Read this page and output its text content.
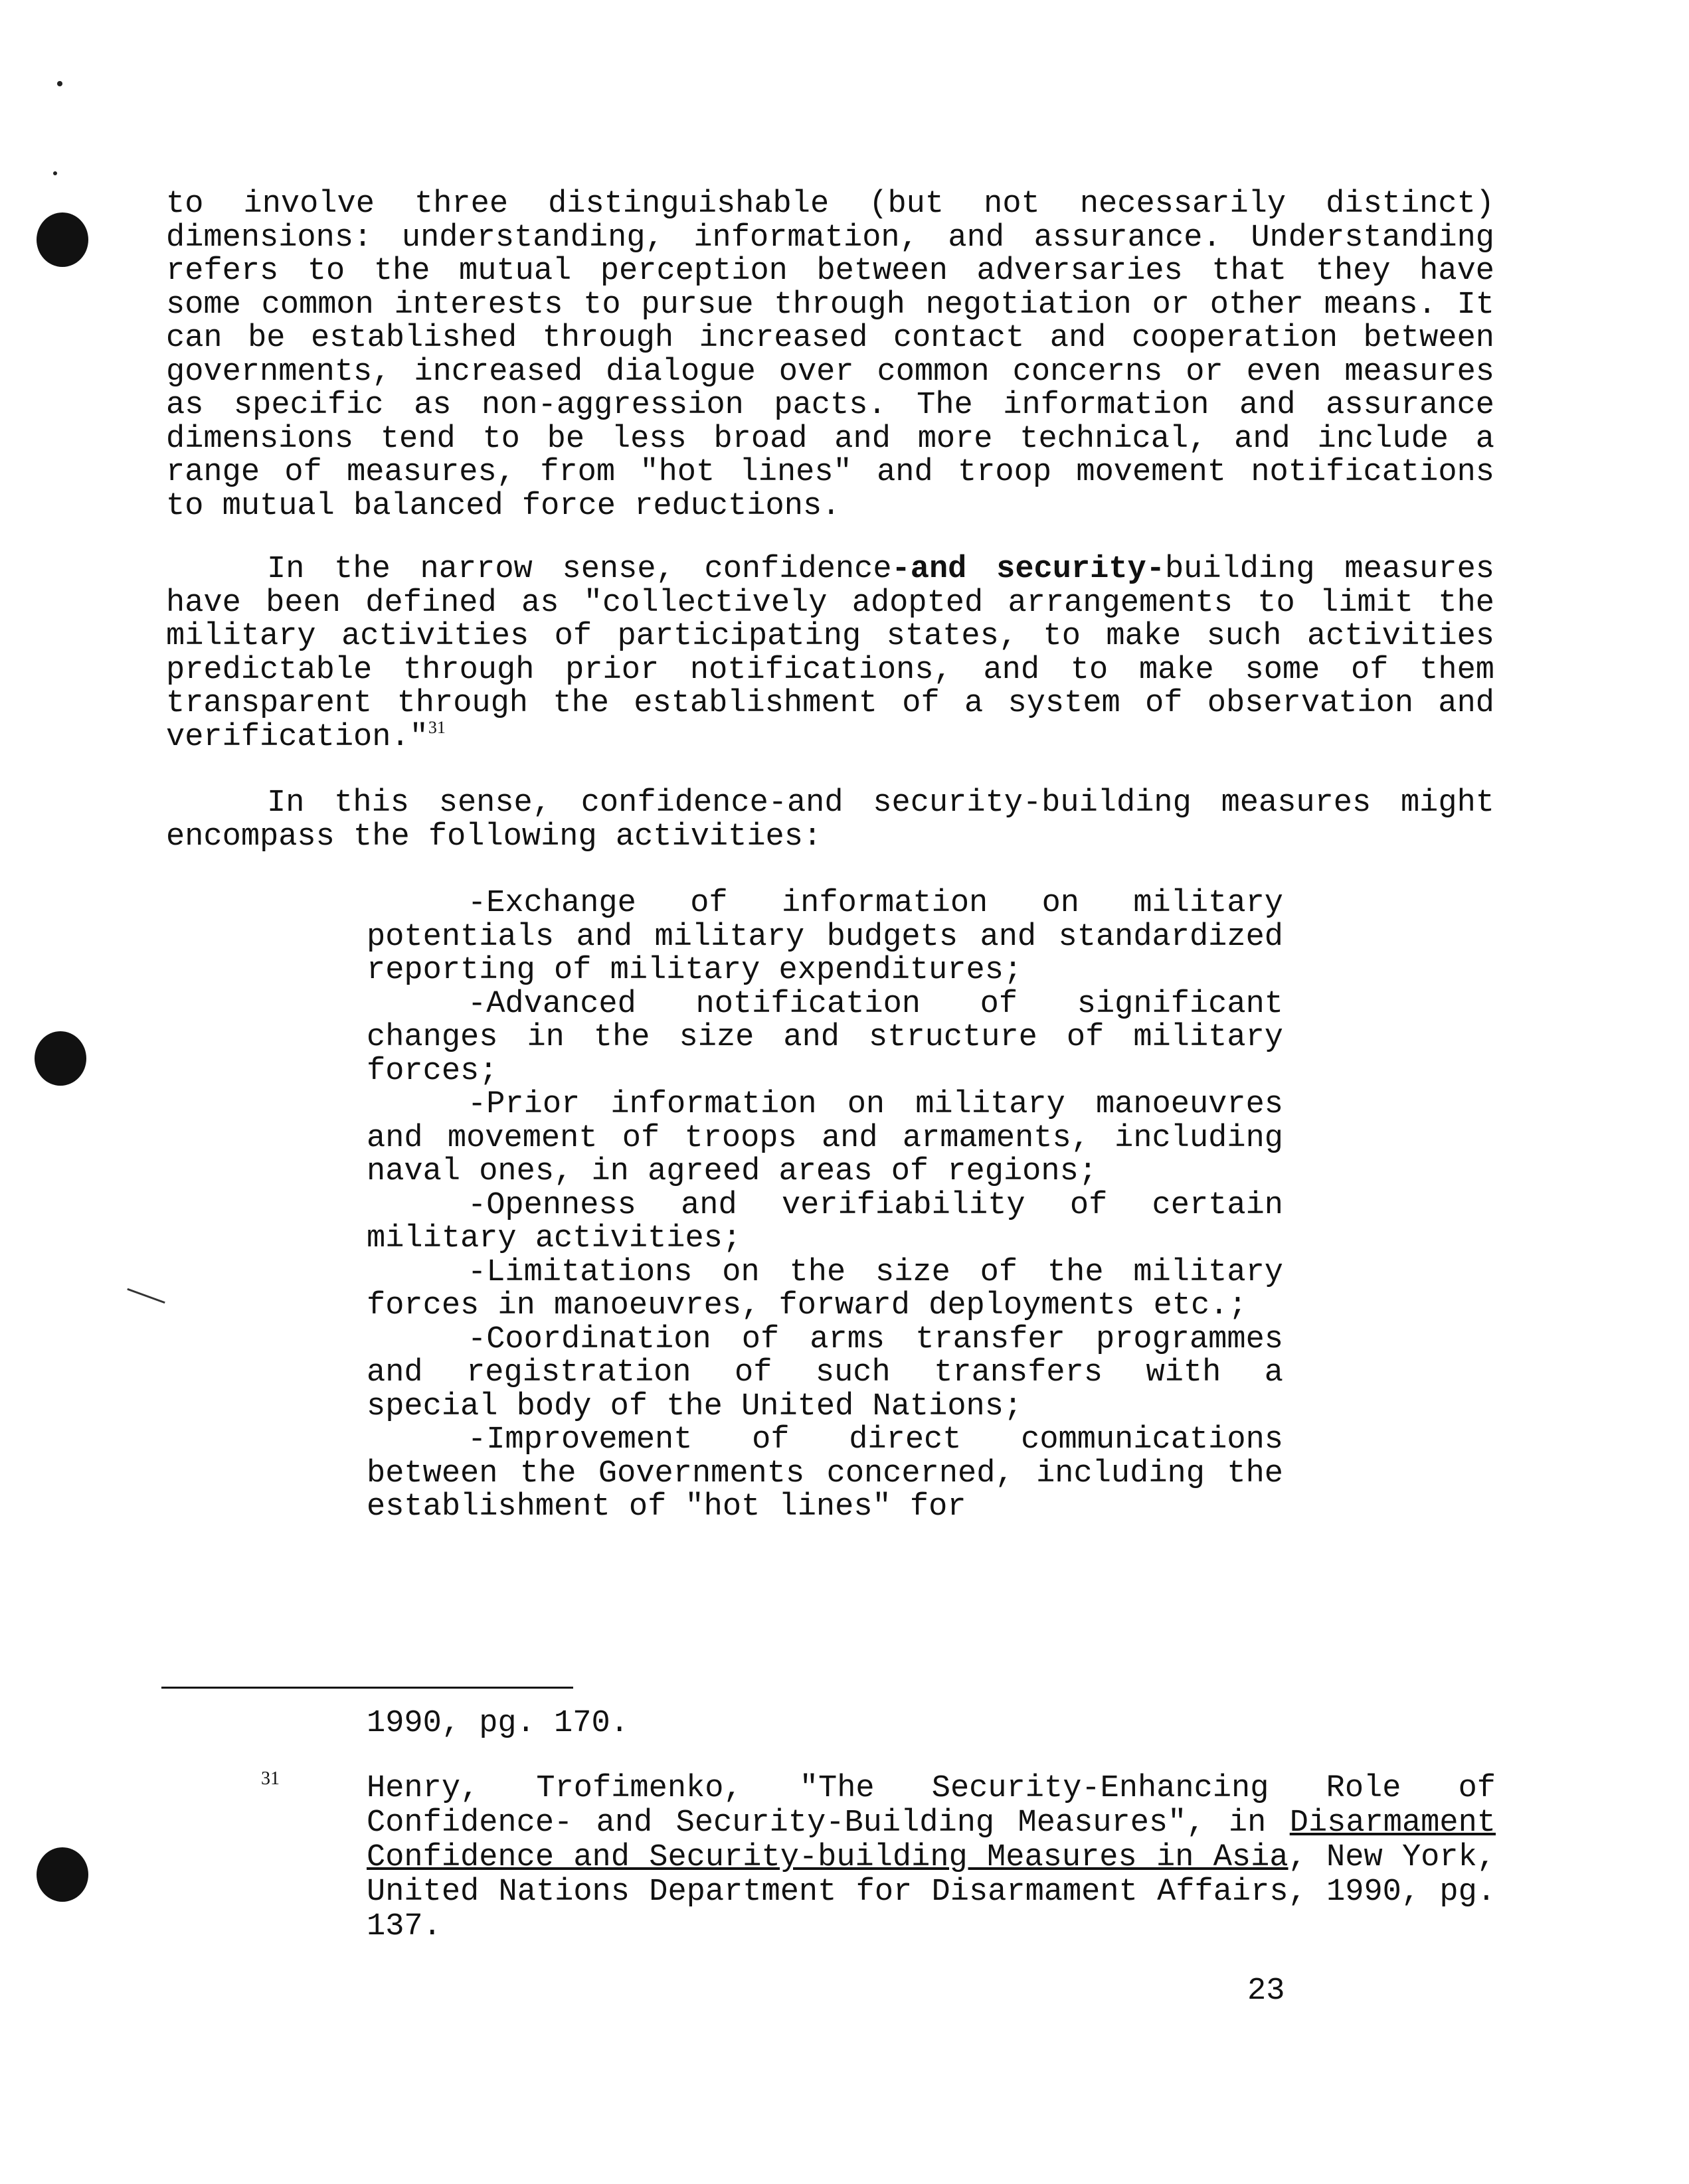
to involve three distinguishable (but not necessarily distinct) dimensions: understanding, information, and assurance. Understanding refers to the mutual perception between adversaries that they have some common interests to pursue through negotiation or other means. It can be established through increased contact and cooperation between governments, increased dialogue over common concerns or even measures as specific as non-aggression pacts. The information and assurance dimensions tend to be less broad and more technical, and include a range of measures, from "hot lines" and troop movement notifications to mutual balanced force reductions.
In the narrow sense, confidence-and security-building measures have been defined as "collectively adopted arrangements to limit the military activities of participating states, to make such activities predictable through prior notifications, and to make some of them transparent through the establishment of a system of observation and verification."$^{31}$
In this sense, confidence-and security-building measures might encompass the following activities:

-Exchange of information on military potentials and military budgets and standardized reporting of military expenditures;

-Advanced notification of significant changes in the size and structure of military forces;

-Prior information on military manoeuvres and movement of troops and armaments, including naval ones, in agreed areas of regions;

-Openness and verifiability of certain military activities;

-Limitations on the size of the military forces in manoeuvres, forward deployments etc.;

-Coordination of arms transfer programmes and registration of such transfers with a special body of the United Nations;

-Improvement of direct communications between the Governments concerned, including the establishment of "hot lines" for

1990, pg. 170.
31	Henry, Trofimenko, "The Security-Enhancing Role of Confidence- and Security-Building Measures", in Disarmament Confidence and Security-building Measures in Asia, New York, United Nations Department for Disarmament Affairs, 1990, pg. 137.
23
